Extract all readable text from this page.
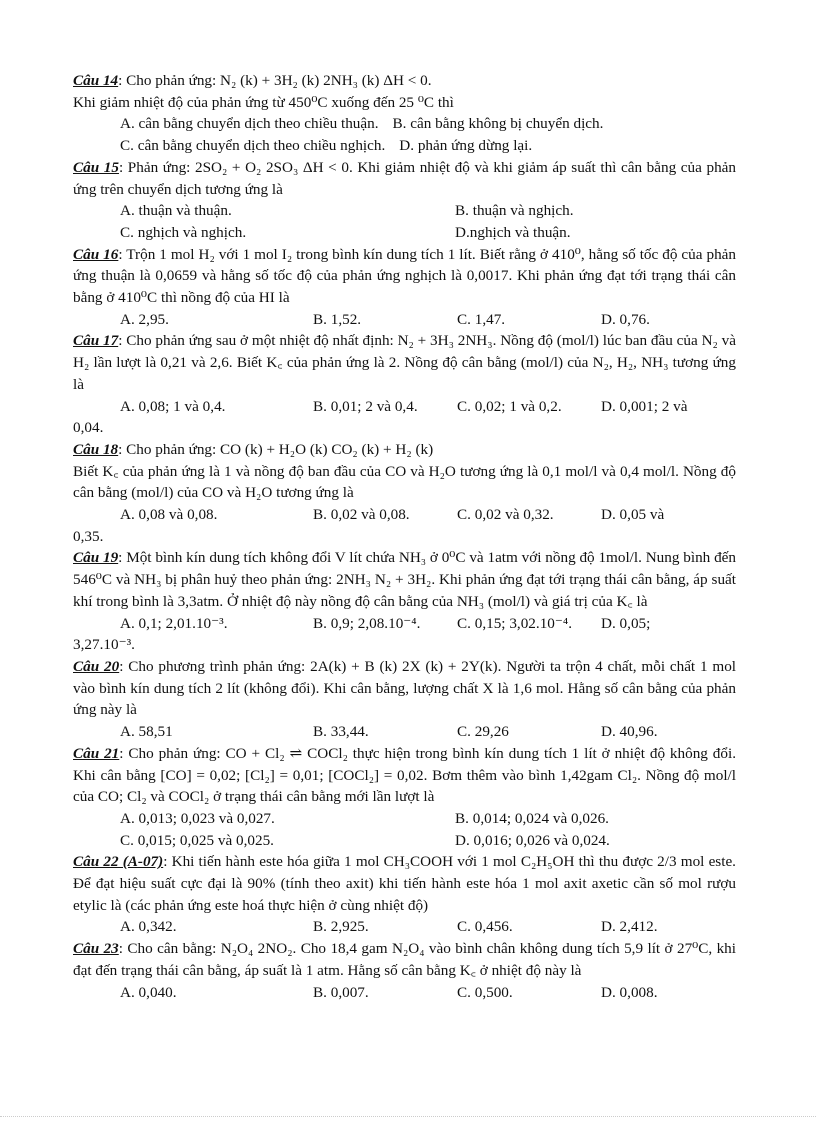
Câu 14: Cho phản ứng: N₂ (k) + 3H₂ (k) 2NH₃ (k) ΔH < 0.

Khi giảm nhiệt độ của phản ứng từ 450⁰C xuống đến 25 ⁰C thì

A. cân bằng chuyển dịch theo chiều thuận. B. cân bằng không bị chuyển dịch.
C. cân bằng chuyển dịch theo chiều nghịch. D. phản ứng dừng lại.

Câu 15: Phản ứng: 2SO₂ + O₂ 2SO₃ ΔH < 0. Khi giảm nhiệt độ và khi giảm áp suất thì cân bằng của phản ứng trên chuyển dịch tương ứng là

A. thuận và thuận.	B. thuận và nghịch.
C. nghịch và nghịch.	D.nghịch và thuận.

Câu 16: Trộn 1 mol H₂ với 1 mol I₂ trong bình kín dung tích 1 lít. Biết rằng ở 410⁰, hằng số tốc độ của phản ứng thuận là 0,0659 và hằng số tốc độ của phản ứng nghịch là 0,0017. Khi phản ứng đạt tới trạng thái cân bằng ở 410⁰C thì nồng độ của HI là

A. 2,95.	B. 1,52.	C. 1,47.	D. 0,76.

Câu 17: Cho phản ứng sau ở một nhiệt độ nhất định: N₂ + 3H₃ 2NH₃. Nồng độ (mol/l) lúc ban đầu của N₂ và H₂ lần lượt là 0,21 và 2,6. Biết K꜀ của phản ứng là 2. Nồng độ cân bằng (mol/l) của N₂, H₂, NH₃ tương ứng là

A. 0,08; 1 và 0,4.	B. 0,01; 2 và 0,4.	C. 0,02; 1 và 0,2.	D. 0,001; 2 và

0,04.

Câu 18: Cho phản ứng: CO (k) + H₂O (k) CO₂ (k) + H₂ (k)

Biết K꜀ của phản ứng là 1 và nồng độ ban đầu của CO và H₂O tương ứng là 0,1 mol/l và 0,4 mol/l. Nồng độ cân bằng (mol/l) của CO và H₂O tương ứng là

A. 0,08 và 0,08.	B. 0,02 và 0,08.	C. 0,02 và 0,32.	D. 0,05 và

0,35.

Câu 19: Một bình kín dung tích không đổi V lít chứa NH₃ ở 0⁰C và 1atm với nồng độ 1mol/l. Nung bình đến 546⁰C và NH₃ bị phân huỷ theo phản ứng: 2NH₃ N₂ + 3H₂. Khi phản ứng đạt tới trạng thái cân bằng, áp suất khí trong bình là 3,3atm. Ở nhiệt độ này nồng độ cân bằng của NH₃ (mol/l) và giá trị của K꜀ là

A. 0,1; 2,01.10⁻³.	B. 0,9; 2,08.10⁻⁴.	C. 0,15; 3,02.10⁻⁴.	D. 0,05;

3,27.10⁻³.

Câu 20: Cho phương trình phản ứng: 2A(k) + B (k) 2X (k) + 2Y(k). Người ta trộn 4 chất, mỗi chất 1 mol vào bình kín dung tích 2 lít (không đổi). Khi cân bằng, lượng chất X là 1,6 mol. Hằng số cân bằng của phản ứng này là

A. 58,51	B. 33,44.	C. 29,26	D. 40,96.

Câu 21: Cho phản ứng: CO + Cl₂ ⇌ COCl₂ thực hiện trong bình kín dung tích 1 lít ở nhiệt độ không đổi. Khi cân bằng [CO] = 0,02; [Cl₂] = 0,01; [COCl₂] = 0,02. Bơm thêm vào bình 1,42gam Cl₂. Nồng độ mol/l của CO; Cl₂ và COCl₂ ở trạng thái cân bằng mới lần lượt là

A. 0,013; 0,023 và 0,027.	B. 0,014; 0,024 và 0,026.
C. 0,015; 0,025 và 0,025.	D. 0,016; 0,026 và 0,024.

Câu 22 (A-07): Khi tiến hành este hóa giữa 1 mol CH₃COOH với 1 mol C₂H₅OH thì thu được 2/3 mol este. Để đạt hiệu suất cực đại là 90% (tính theo axit) khi tiến hành este hóa 1 mol axit axetic cần số mol rượu etylic là (các phản ứng este hoá thực hiện ở cùng nhiệt độ)

A. 0,342.	B. 2,925.	C. 0,456.	D. 2,412.

Câu 23: Cho cân bằng: N₂O₄ 2NO₂. Cho 18,4 gam N₂O₄ vào bình chân không dung tích 5,9 lít ở 27⁰C, khi đạt đến trạng thái cân bằng, áp suất là 1 atm. Hằng số cân bằng K꜀ ở nhiệt độ này là

A. 0,040.	B. 0,007.	C. 0,500.	D. 0,008.
